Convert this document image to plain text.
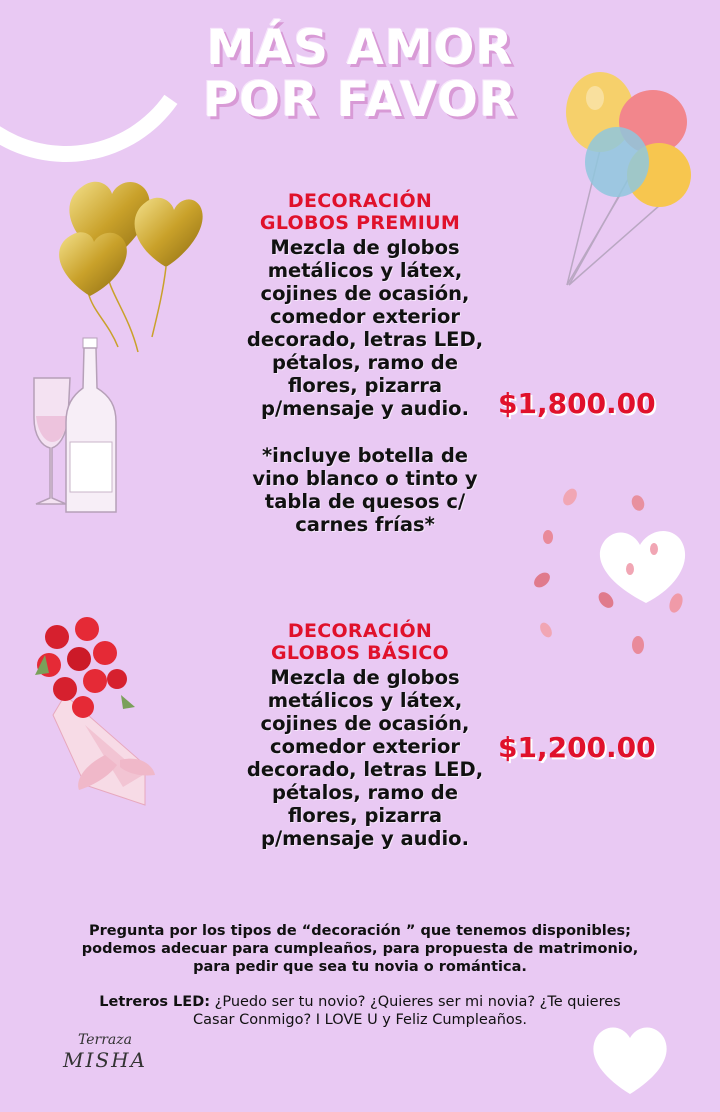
MÁS AMOR
POR FAVOR
DECORACIÓN
GLOBOS PREMIUM
Mezcla de globos
metálicos y látex,
cojines de ocasión,
comedor exterior
decorado, letras LED,
pétalos, ramo de
flores, pizarra
p/mensaje y audio.
*incluye botella de
vino blanco o tinto y
tabla de quesos c/
carnes frías*
$1,800.00
DECORACIÓN
GLOBOS BÁSICO
Mezcla de globos
metálicos y látex,
cojines de ocasión,
comedor exterior
decorado, letras LED,
pétalos, ramo de
flores, pizarra
p/mensaje y audio.
$1,200.00
Pregunta por los tipos de “decoración ” que tenemos disponibles;
podemos adecuar para cumpleaños, para propuesta de matrimonio,
para pedir que sea tu novia o romántica.
Letreros LED: ¿Puedo ser tu novio? ¿Quieres ser mi novia? ¿Te quieres
Casar Conmigo? I LOVE U y Feliz Cumpleaños.
Terraza
MISHA
